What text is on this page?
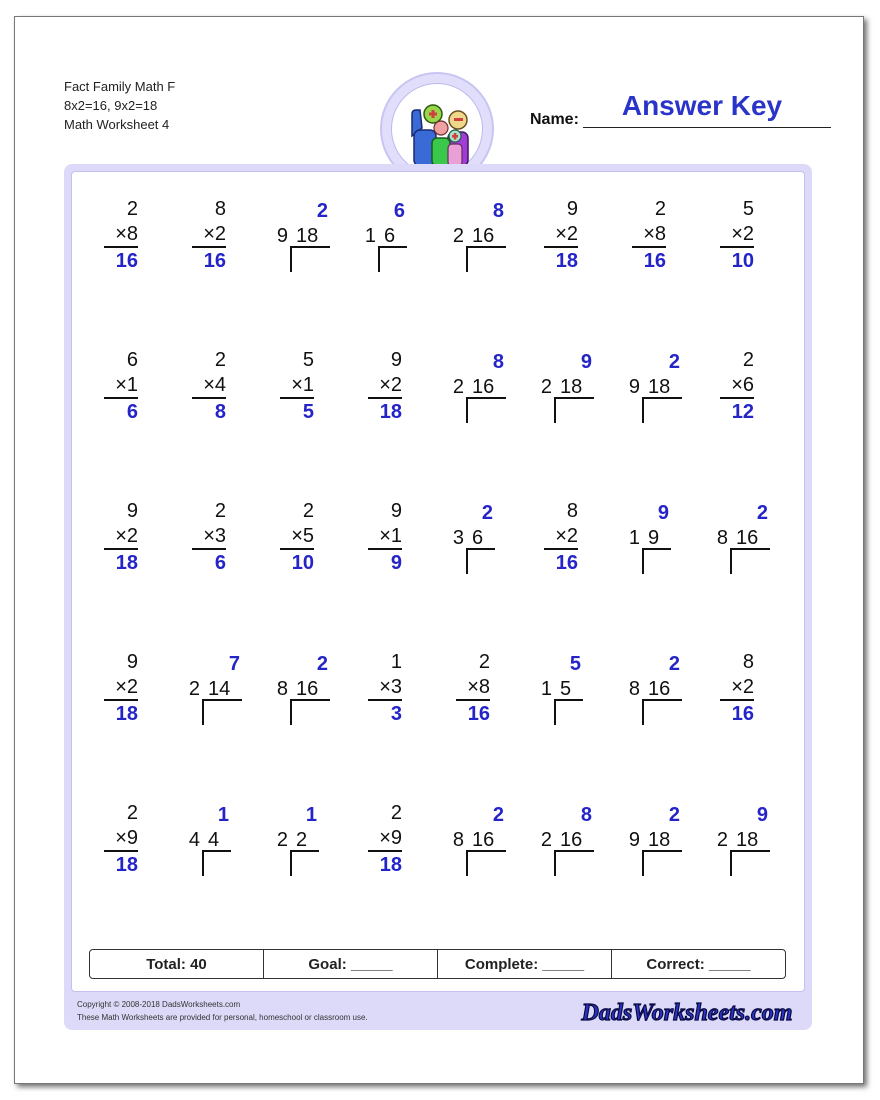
Fact Family Math F
8x2=16, 9x2=18
Math Worksheet 4	Name:	Answer Key
2
×8
16
8
×2
16
9 18
2
1 6
6
2 16
8	9
×2
18
2
×8
16
5
×2
10
6
×1
6
2
×4
8
5
×1
5
9
×2
18
2 16
8
2 18
9
9 18
2	2
×6
12
9
×2
18
2
×3
6
2
×5
10
9
×1
9
3 6
2	8
×2
16
1 9
9
8 16
2
9
×2
18
2 14
7
8 16
2	1
×3
3
2
×8
16
1 5
5
8 16
2	8
×2
16
2
×9
18
4 4
1
2 2
1	2
×9
18
8 16
2
2 16
8
9 18
2
2 18
9
Total: 40	Goal: _____	Complete: _____	Correct: _____
Copyright © 2008-2018 DadsWorksheets.com
These Math Worksheets are provided for personal, homeschool or classroom use.	DadsWorksheets.com
